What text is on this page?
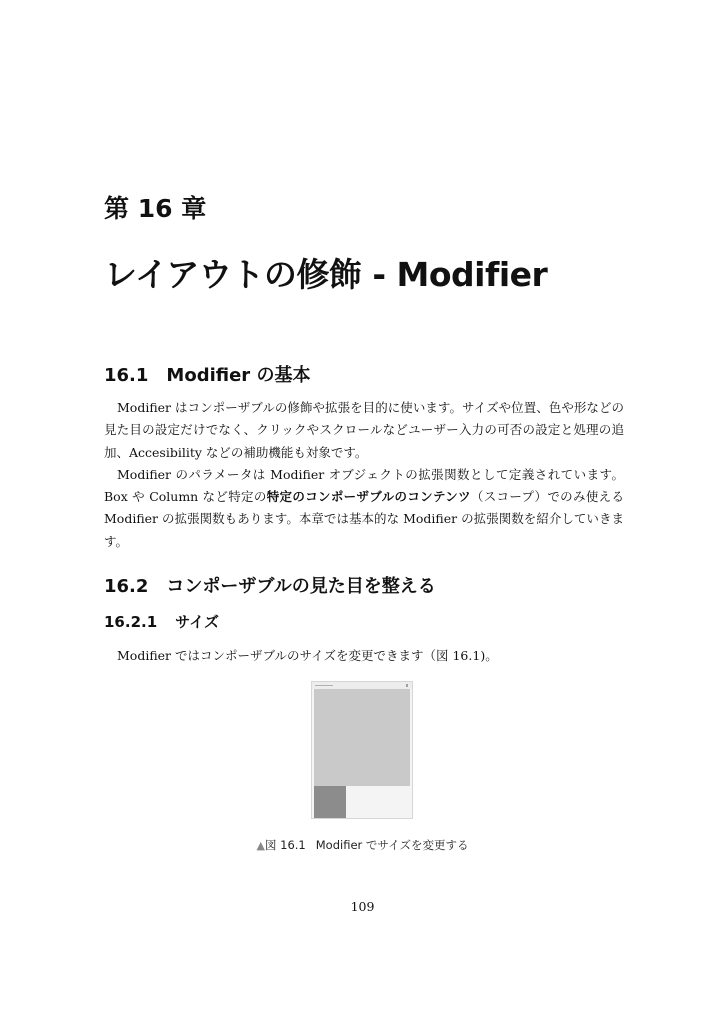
第 16 章
レイアウトの修飾 - Modifier
16.1 Modifier の基本

Modifier はコンポーザブルの修飾や拡張を目的に使います。サイズや位置、色や形などの見た目の設定だけでなく、クリックやスクロールなどユーザー入力の可否の設定と処理の追加、Accesibility などの補助機能も対象です。

Modifier のパラメータは Modifier オブジェクトの拡張関数として定義されています。Box や Column など特定の特定のコンポーザブルのコンテンツ（スコープ）でのみ使える Modifier の拡張関数もあります。本章では基本的な Modifier の拡張関数を紹介していきます。

16.2 コンポーザブルの見た目を整える
16.2.1 サイズ

Modifier ではコンポーザブルのサイズを変更できます（図 16.1)。

▲図 16.1 Modifier でサイズを変更する
109
